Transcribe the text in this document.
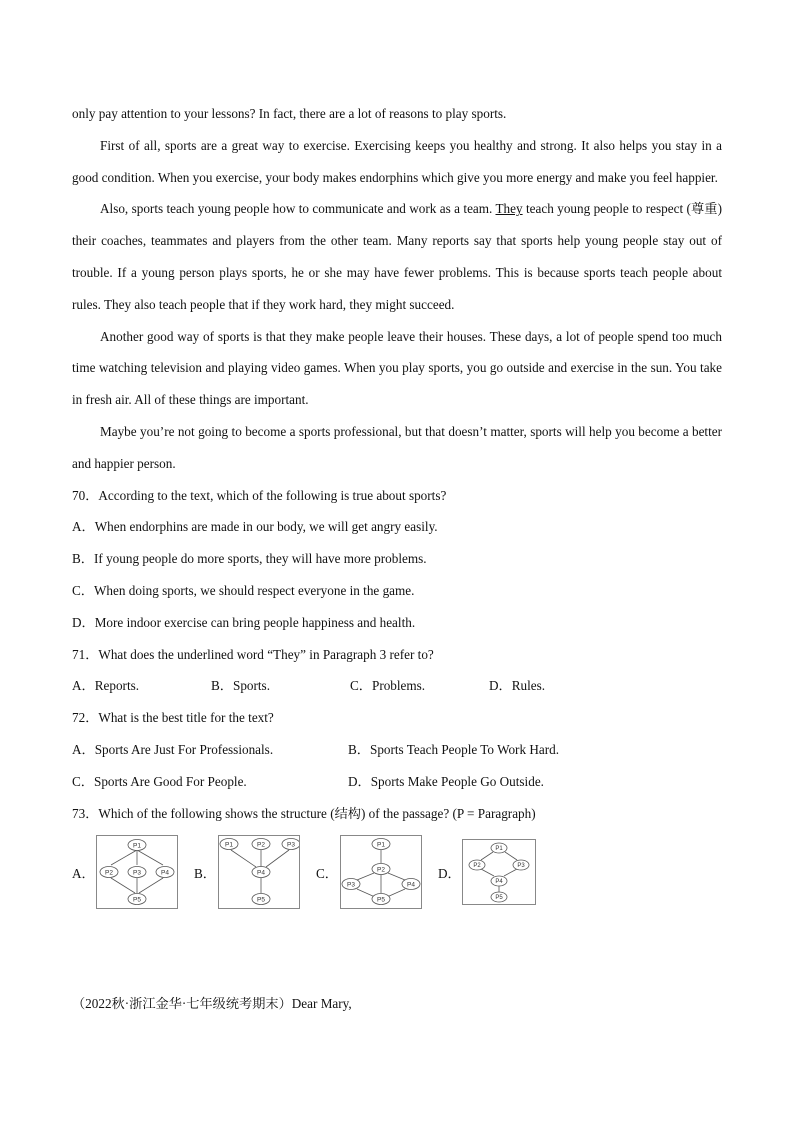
only pay attention to your lessons? In fact, there are a lot of reasons to play sports.

First of all, sports are a great way to exercise. Exercising keeps you healthy and strong. It also helps you stay in a good condition. When you exercise, your body makes endorphins which give you more energy and make you feel happier.

Also, sports teach young people how to communicate and work as a team. They teach young people to respect (尊重) their coaches, teammates and players from the other team. Many reports say that sports help young people stay out of trouble. If a young person plays sports, he or she may have fewer problems. This is because sports teach people about rules. They also teach people that if they work hard, they might succeed.

Another good way of sports is that they make people leave their houses. These days, a lot of people spend too much time watching television and playing video games. When you play sports, you go outside and exercise in the sun. You take in fresh air. All of these things are important.

Maybe you’re not going to become a sports professional, but that doesn’t matter, sports will help you become a better and happier person.

70．According to the text, which of the following is true about sports?

A．When endorphins are made in our body, we will get angry easily.

B．If young people do more sports, they will have more problems.

C．When doing sports, we should respect everyone in the game.

D．More indoor exercise can bring people happiness and health.

71．What does the underlined word “They” in Paragraph 3 refer to?

A．Reports.	B．Sports.	C．Problems.	D．Rules.

72．What is the best title for the text?

A．Sports Are Just For Professionals.	B．Sports Teach People To Work Hard.
C．Sports Are Good For People.	D．Sports Make People Go Outside.

73．Which of the following shows the structure (结构) of the passage? (P = Paragraph)

A．
P1
P2	P3	P4
P5
B．
P1	P2	P3
P4
P5
C．
P1
P2
P3	P4
P5
D．
P1
P2	P3
P4
P5

（2022秋·浙江金华·七年级统考期末）Dear Mary,
